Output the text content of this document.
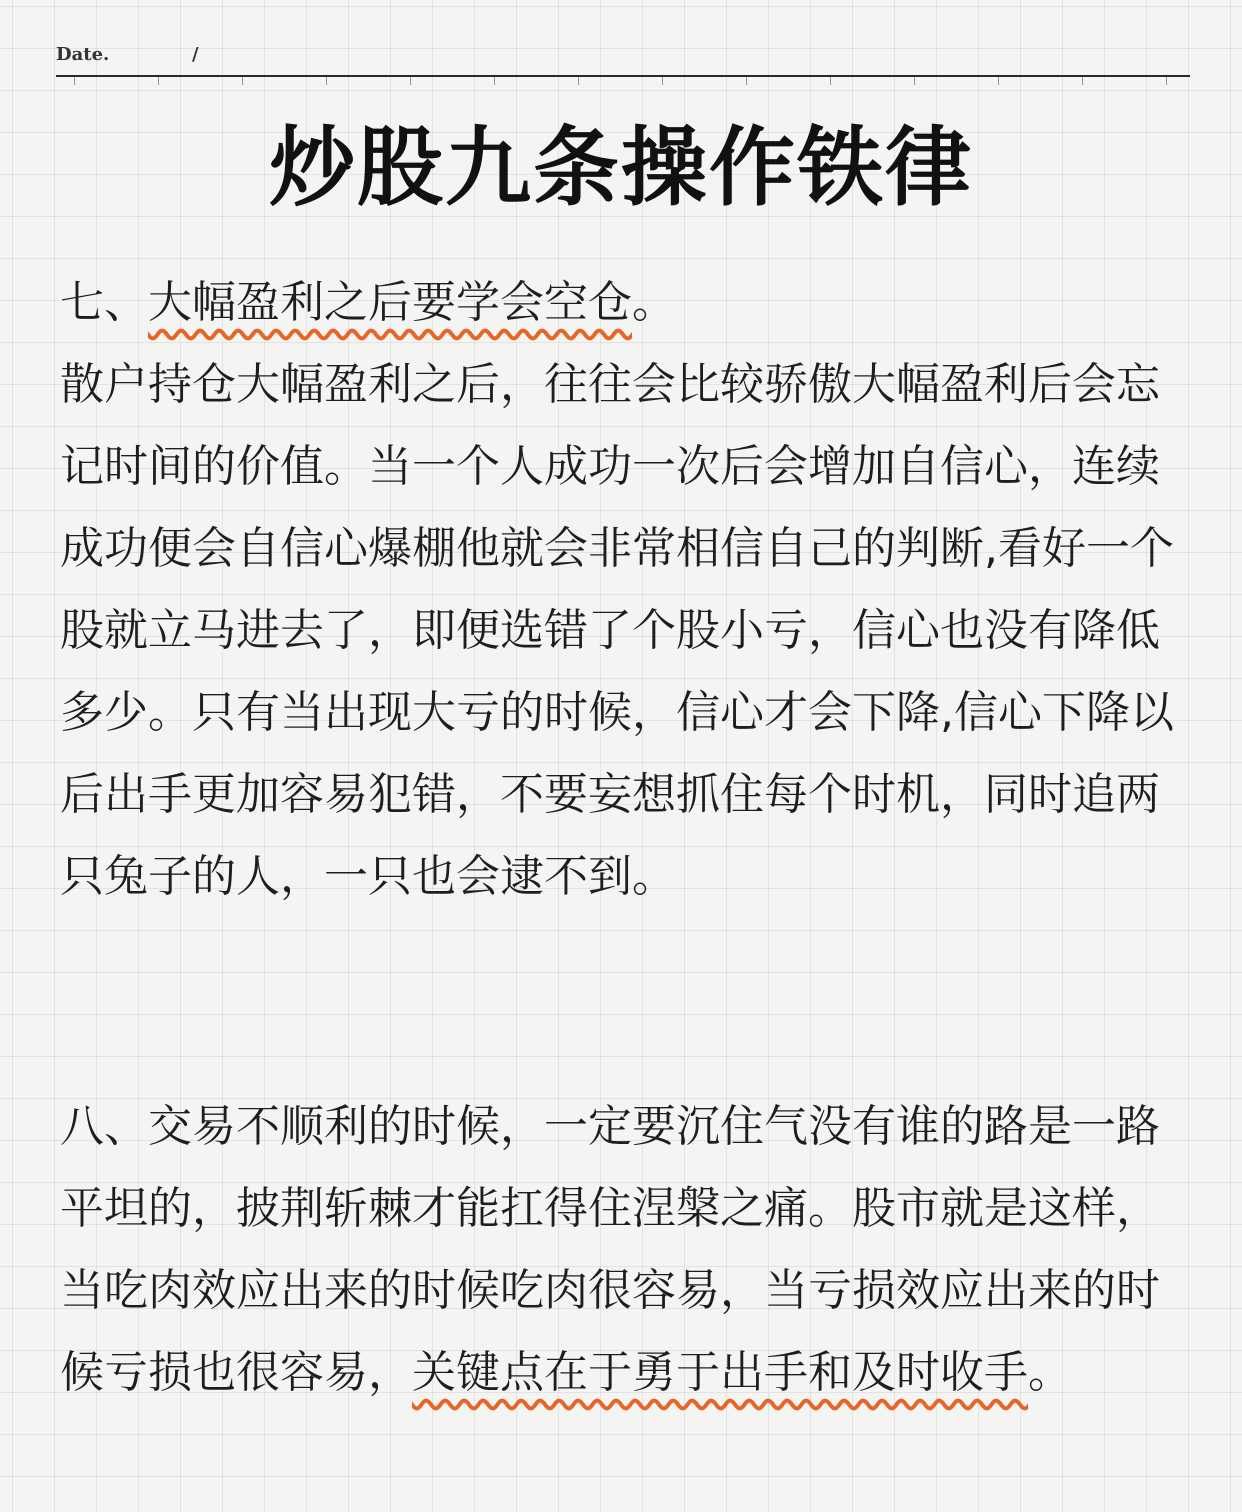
Date.	/
炒股九条操作铁律

七、大幅盈利之后要学会空仓。

散户持仓大幅盈利之后，往往会比较骄傲大幅盈利后会忘记时间的价值。当一个人成功一次后会增加自信心，连续成功便会自信心爆棚他就会非常相信自己的判断,看好一个股就立马进去了，即便选错了个股小亏，信心也没有降低多少。只有当出现大亏的时候，信心才会下降,信心下降以后出手更加容易犯错，不要妄想抓住每个时机，同时追两只兔子的人，一只也会逮不到。

八、交易不顺利的时候，一定要沉住气没有谁的路是一路平坦的，披荆斩棘才能扛得住涅槃之痛。股市就是这样，当吃肉效应出来的时候吃肉很容易，当亏损效应出来的时候亏损也很容易，关键点在于勇于出手和及时收手。
